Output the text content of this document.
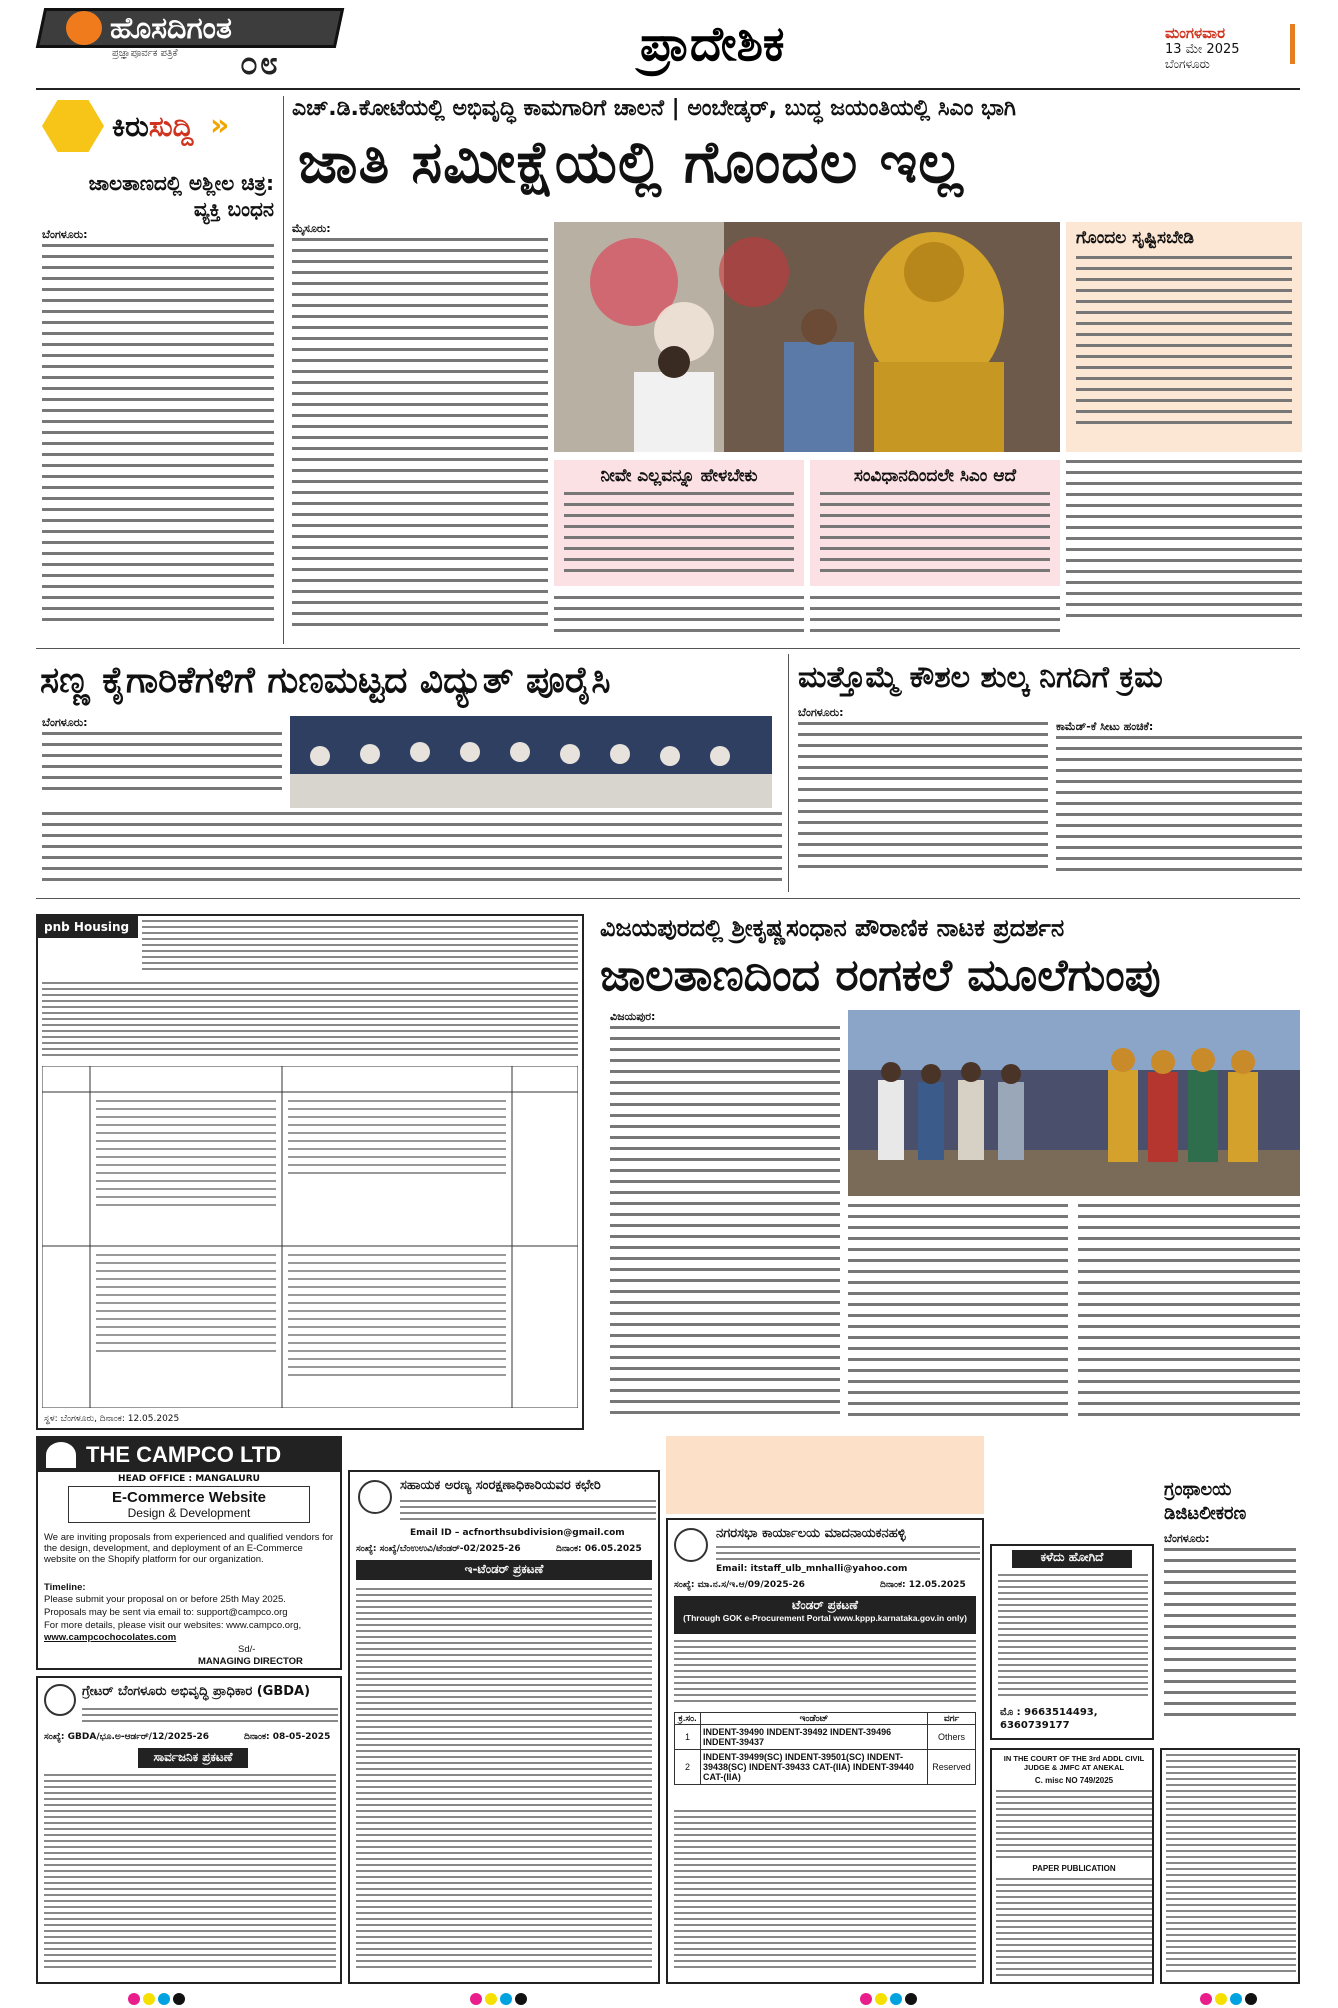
ಹೊಸದಿಗಂತ
ಪ್ರಜ್ಞಾಪೂರ್ವಕ ಪತ್ರಿಕೆ ೦೮	ಪ್ರಾದೇಶಿಕ	ಮಂಗಳವಾರ
13 ಮೇ 2025
ಬೆಂಗಳೂರು
ಕಿರುಸುದ್ದಿ »
ಜಾಲತಾಣದಲ್ಲಿ ಅಶ್ಲೀಲ ಚಿತ್ರ: ವ್ಯಕ್ತಿ ಬಂಧನ
ಬೆಂಗಳೂರು:
ಎಚ್.ಡಿ.ಕೋಟೆಯಲ್ಲಿ ಅಭಿವೃದ್ಧಿ ಕಾಮಗಾರಿಗೆ ಚಾಲನೆ | ಅಂಬೇಡ್ಕರ್, ಬುದ್ಧ ಜಯಂತಿಯಲ್ಲಿ ಸಿಎಂ ಭಾಗಿ
ಜಾತಿ ಸಮೀಕ್ಷೆಯಲ್ಲಿ ಗೊಂದಲ ಇಲ್ಲ
ಮೈಸೂರು:	ಗೊಂದಲ ಸೃಷ್ಟಿಸಬೇಡಿ
ನೀವೇ ಎಲ್ಲವನ್ನೂ ಹೇಳಬೇಕು	ಸಂವಿಧಾನದಿಂದಲೇ ಸಿಎಂ ಆದೆ
ಸಣ್ಣ ಕೈಗಾರಿಕೆಗಳಿಗೆ ಗುಣಮಟ್ಟದ ವಿದ್ಯುತ್ ಪೂರೈಸಿ
ಬೆಂಗಳೂರು:
ಮತ್ತೊಮ್ಮೆ ಕೌಶಲ ಶುಲ್ಕ ನಿಗದಿಗೆ ಕ್ರಮ
ಬೆಂಗಳೂರು:
ಕಾಮೆಡ್-ಕೆ ಸೀಟು ಹಂಚಿಕೆ:
pnb Housing
ಸ್ಥಳ: ಬೆಂಗಳೂರು, ದಿನಾಂಕ: 12.05.2025
ವಿಜಯಪುರದಲ್ಲಿ ಶ್ರೀಕೃಷ್ಣಸಂಧಾನ ಪೌರಾಣಿಕ ನಾಟಕ ಪ್ರದರ್ಶನ
ಜಾಲತಾಣದಿಂದ ರಂಗಕಲೆ ಮೂಲೆಗುಂಪು
ವಿಜಯಪುರ:
THE CAMPCO LTD
HEAD OFFICE : MANGALURU
E-Commerce Website
Design & Development
We are inviting proposals from experienced and qualified vendors for the design, development, and deployment of an E-Commerce website on the Shopify platform for our organization.
Timeline:
Please submit your proposal on or before 25th May 2025.
Proposals may be sent via email to: support@campco.org
For more details, please visit our websites: www.campco.org,
www.campcochocolates.com
Sd/-
MANAGING DIRECTOR
ಗ್ರೇಟರ್ ಬೆಂಗಳೂರು ಅಭಿವೃದ್ಧಿ ಪ್ರಾಧಿಕಾರ (GBDA)
ಸಂಖ್ಯೆ: GBDA/ಭೂ.ಅ-ಆರ್ಡರ್/12/2025-26	ದಿನಾಂಕ: 08-05-2025
ಸಾರ್ವಜನಿಕ ಪ್ರಕಟಣೆ
ಸಹಾಯಕ ಅರಣ್ಯ ಸಂರಕ್ಷಣಾಧಿಕಾರಿಯವರ ಕಛೇರಿ
Email ID – acfnorthsubdivision@gmail.com
ಸಂಖ್ಯೆ: ಸಂಖ್ಯೆ/ಬೆಂಉಉವಿ/ಟೆಂಡರ್-02/2025-26	ದಿನಾಂಕ: 06.05.2025
ಇ-ಟೆಂಡರ್ ಪ್ರಕಟಣೆ
ನಗರಸಭಾ ಕಾರ್ಯಾಲಯ ಮಾದನಾಯಕನಹಳ್ಳಿ
Email: itstaff_ulb_mnhalli@yahoo.com
ಸಂಖ್ಯೆ: ಮಾ.ನ.ಸ/ಇ.ಆ/09/2025-26	ದಿನಾಂಕ: 12.05.2025
ಟೆಂಡರ್ ಪ್ರಕಟಣೆ
(Through GOK e-Procurement Portal www.kppp.karnataka.gov.in only)
ಕ್ರ.ಸಂ.	ಇಂಡೆಂಟ್	ವರ್ಗ
1	INDENT-39490 INDENT-39492 INDENT-39496 INDENT-39437	Others
2	INDENT-39499(SC) INDENT-39501(SC) INDENT-39438(SC) INDENT-39433 CAT-(IIA) INDENT-39440 CAT-(IIA)	Reserved
ಕಳೆದು ಹೋಗಿದೆ
ಮೊ : 9663514493, 6360739177
IN THE COURT OF THE 3rd ADDL CIVIL JUDGE & JMFC AT ANEKAL
C. misc NO 749/2025
PAPER PUBLICATION
ಗ್ರಂಥಾಲಯ ಡಿಜಿಟಲೀಕರಣ
ಬೆಂಗಳೂರು:
